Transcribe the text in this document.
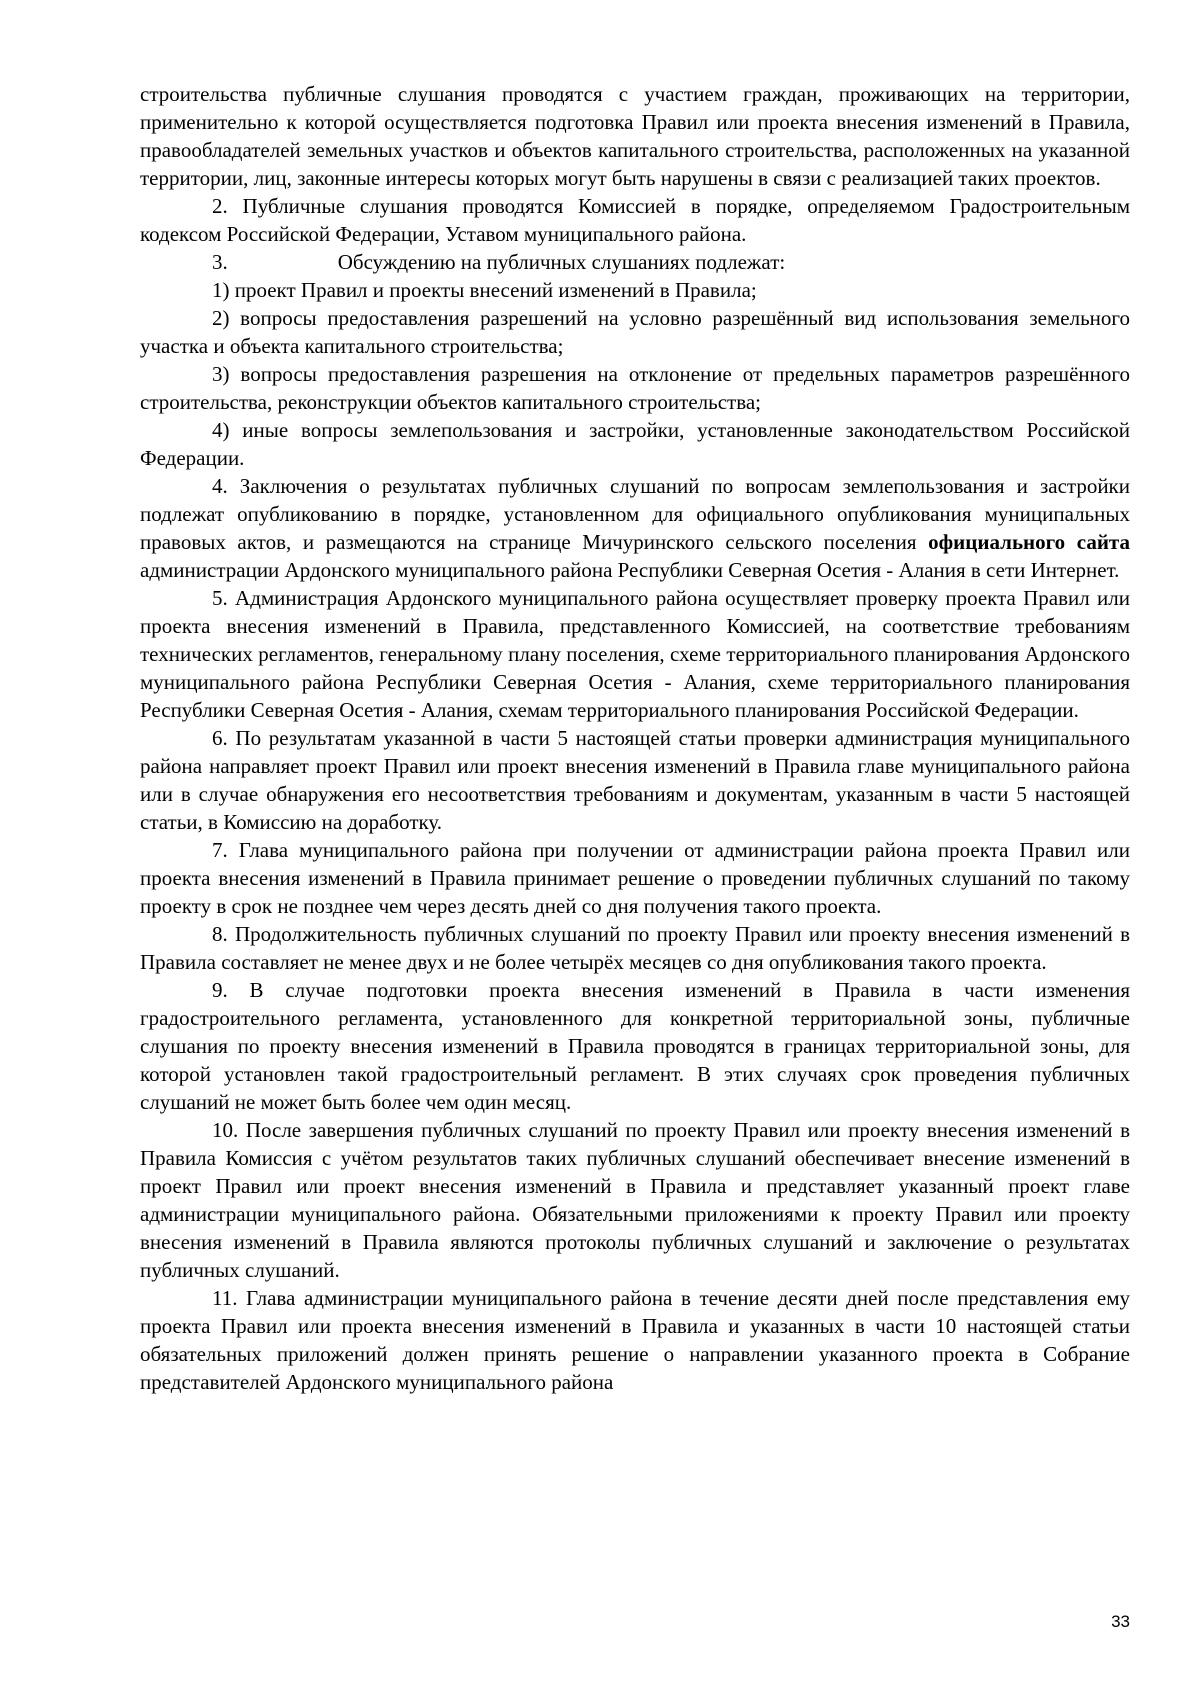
строительства публичные слушания проводятся с участием граждан, проживающих на территории, применительно к которой осуществляется подготовка Правил или проекта внесения изменений в Правила, правообладателей земельных участков и объектов капитального строительства, расположенных на указанной территории, лиц, законные интересы которых могут быть нарушены в связи с реализацией таких проектов.

2. Публичные слушания проводятся Комиссией в порядке, определяемом Градостроительным кодексом Российской Федерации, Уставом муниципального района.

3.	Обсуждению на публичных слушаниях подлежат:

1) проект Правил и проекты внесений изменений в Правила;

2) вопросы предоставления разрешений на условно разрешённый вид использования земельного участка и объекта капитального строительства;

3) вопросы предоставления разрешения на отклонение от предельных параметров разрешённого строительства, реконструкции объектов капитального строительства;

4) иные вопросы землепользования и застройки, установленные законодательством Российской Федерации.

4. Заключения о результатах публичных слушаний по вопросам землепользования и застройки подлежат опубликованию в порядке, установленном для официального опубликования муниципальных правовых актов, и размещаются на странице Мичуринского сельского поселения официального сайта администрации Ардонского муниципального района Республики Северная Осетия - Алания в сети Интернет.

5. Администрация Ардонского муниципального района осуществляет проверку проекта Правил или проекта внесения изменений в Правила, представленного Комиссией, на соответствие требованиям технических регламентов, генеральному плану поселения, схеме территориального планирования Ардонского муниципального района Республики Северная Осетия - Алания, схеме территориального планирования Республики Северная Осетия - Алания, схемам территориального планирования Российской Федерации.

6. По результатам указанной в части 5 настоящей статьи проверки администрация муниципального района направляет проект Правил или проект внесения изменений в Правила главе муниципального района или в случае обнаружения его несоответствия требованиям и документам, указанным в части 5 настоящей статьи, в Комиссию на доработку.

7. Глава муниципального района при получении от администрации района проекта Правил или проекта внесения изменений в Правила принимает решение о проведении публичных слушаний по такому проекту в срок не позднее чем через десять дней со дня получения такого проекта.

8. Продолжительность публичных слушаний по проекту Правил или проекту внесения изменений в Правила составляет не менее двух и не более четырёх месяцев со дня опубликования такого проекта.

9. В случае подготовки проекта внесения изменений в Правила в части изменения градостроительного регламента, установленного для конкретной территориальной зоны, публичные слушания по проекту внесения изменений в Правила проводятся в границах территориальной зоны, для которой установлен такой градостроительный регламент. В этих случаях срок проведения публичных слушаний не может быть более чем один месяц.

10. После завершения публичных слушаний по проекту Правил или проекту внесения изменений в Правила Комиссия с учётом результатов таких публичных слушаний обеспечивает внесение изменений в проект Правил или проект внесения изменений в Правила и представляет указанный проект главе администрации муниципального района. Обязательными приложениями к проекту Правил или проекту внесения изменений в Правила являются протоколы публичных слушаний и заключение о результатах публичных слушаний.

11. Глава администрации муниципального района в течение десяти дней после представления ему проекта Правил или проекта внесения изменений в Правила и указанных в части 10 настоящей статьи обязательных приложений должен принять решение о направлении указанного проекта в Собрание представителей Ардонского муниципального района

33
